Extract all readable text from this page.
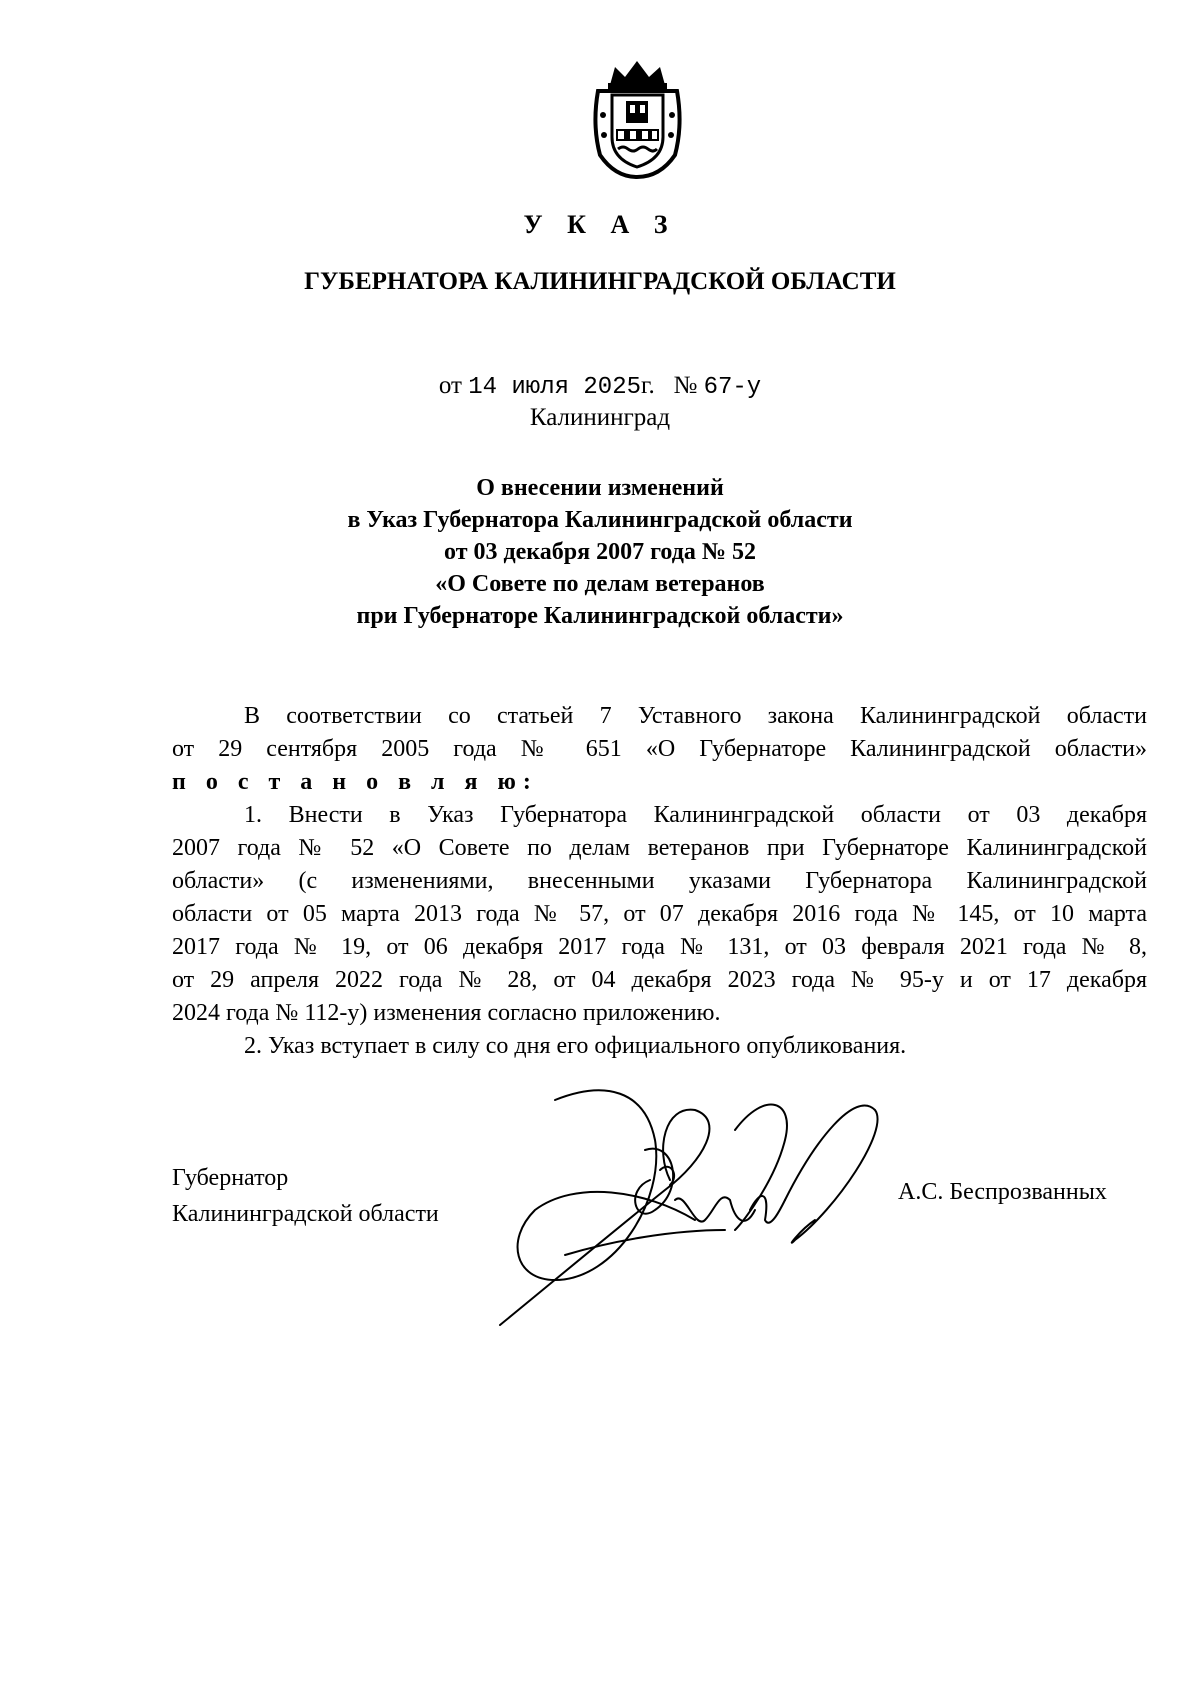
У К А З
ГУБЕРНАТОРА КАЛИНИНГРАДСКОЙ ОБЛАСТИ
от 14 июля 2025г. № 67-у
Калининград
О внесении изменений
в Указ Губернатора Калининградской области
от 03 декабря 2007 года № 52
«О Совете по делам ветеранов
при Губернаторе Калининградской области»
В соответствии со статьей 7 Уставного закона Калининградской области
от 29 сентября 2005 года № 651 «О Губернаторе Калининградской области»
п о с т а н о в л я ю:
1. Внести в Указ Губернатора Калининградской области от 03 декабря
2007 года № 52 «О Совете по делам ветеранов при Губернаторе Калининградской
области» (с изменениями, внесенными указами Губернатора Калининградской
области от 05 марта 2013 года № 57, от 07 декабря 2016 года № 145, от 10 марта
2017 года № 19, от 06 декабря 2017 года № 131, от 03 февраля 2021 года № 8,
от 29 апреля 2022 года № 28, от 04 декабря 2023 года № 95-у и от 17 декабря
2024 года № 112-у) изменения согласно приложению.
2. Указ вступает в силу со дня его официального опубликования.
Губернатор
Калининградской области
А.С. Беспрозванных
